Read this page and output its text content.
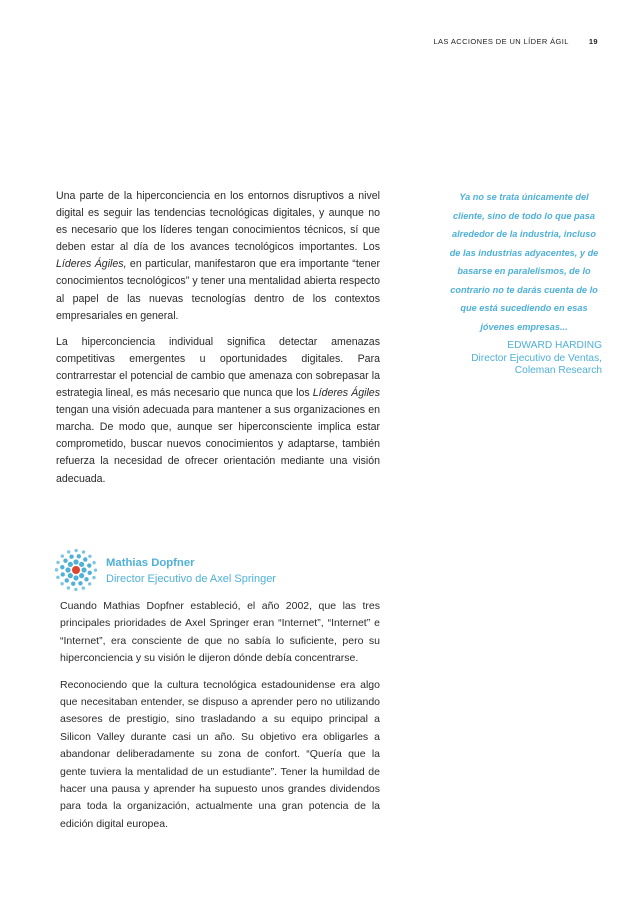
LAS ACCIONES DE UN LÍDER ÁGIL	19

Una parte de la hiperconciencia en los entornos disruptivos a nivel digital es seguir las tendencias tecnológicas digitales, y aunque no es necesario que los líderes tengan conocimientos técnicos, sí que deben estar al día de los avances tecnológicos importantes. Los Líderes Ágiles, en particular, manifestaron que era importante “tener conocimientos tecnológicos” y tener una mentalidad abierta respecto al papel de las nuevas tecnologías dentro de los contextos empresariales en general.

La hiperconciencia individual significa detectar amenazas competitivas emergentes u oportunidades digitales. Para contrarrestar el potencial de cambio que amenaza con sobrepasar la estrategia lineal, es más necesario que nunca que los Líderes Ágiles tengan una visión adecuada para mantener a sus organizaciones en marcha. De modo que, aunque ser hiperconsciente implica estar comprometido, buscar nuevos conocimientos y adaptarse, también refuerza la necesidad de ofrecer orientación mediante una visión adecuada.

Ya no se trata únicamente del cliente, sino de todo lo que pasa alrededor de la industria, incluso de las industrias adyacentes, y de basarse en paralelismos, de lo contrario no te darás cuenta de lo que está sucediendo en esas jóvenes empresas...

EDWARD HARDING
Director Ejecutivo de Ventas, Coleman Research
Mathias Dopfner
Director Ejecutivo de Axel Springer

Cuando Mathias Dopfner estableció, el año 2002, que las tres principales prioridades de Axel Springer eran “Internet”, “Internet” e “Internet”, era consciente de que no sabía lo suficiente, pero su hiperconciencia y su visión le dijeron dónde debía concentrarse.

Reconociendo que la cultura tecnológica estadounidense era algo que necesitaban entender, se dispuso a aprender pero no utilizando asesores de prestigio, sino trasladando a su equipo principal a Silicon Valley durante casi un año. Su objetivo era obligarles a abandonar deliberadamente su zona de confort. “Quería que la gente tuviera la mentalidad de un estudiante”. Tener la humildad de hacer una pausa y aprender ha supuesto unos grandes dividendos para toda la organización, actualmente una gran potencia de la edición digital europea.
